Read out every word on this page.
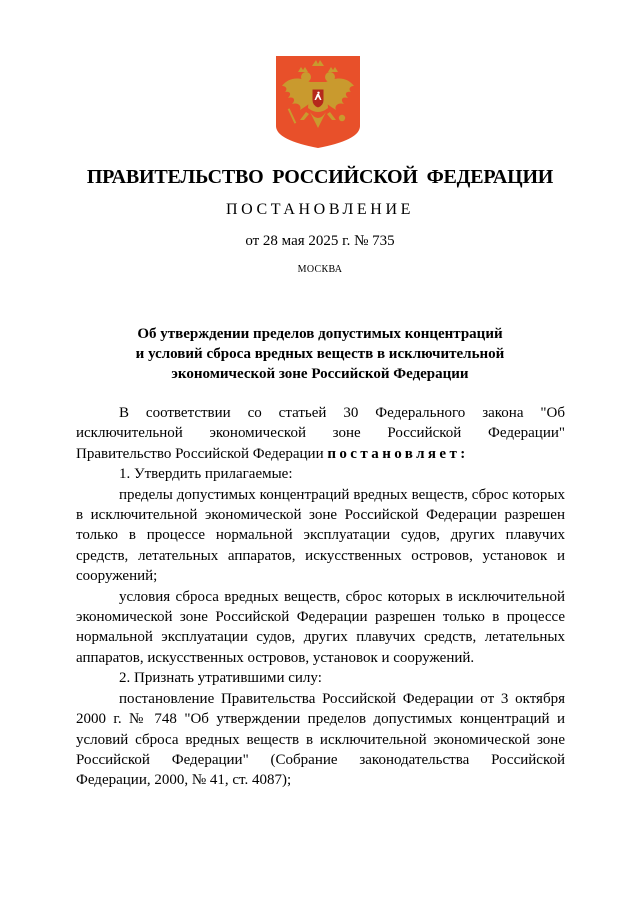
ПРАВИТЕЛЬСТВО РОССИЙСКОЙ ФЕДЕРАЦИИ
ПОСТАНОВЛЕНИЕ
от 28 мая 2025 г. № 735
МОСКВА
Об утверждении пределов допустимых концентраций
и условий сброса вредных веществ в исключительной
экономической зоне Российской Федерации

В соответствии со статьей 30 Федерального закона "Об исключительной экономической зоне Российской Федерации" Правительство Российской Федерации постановляет:

1. Утвердить прилагаемые:

пределы допустимых концентраций вредных веществ, сброс которых в исключительной экономической зоне Российской Федерации разрешен только в процессе нормальной эксплуатации судов, других плавучих средств, летательных аппаратов, искусственных островов, установок и сооружений;

условия сброса вредных веществ, сброс которых в исключительной экономической зоне Российской Федерации разрешен только в процессе нормальной эксплуатации судов, других плавучих средств, летательных аппаратов, искусственных островов, установок и сооружений.

2. Признать утратившими силу:

постановление Правительства Российской Федерации от 3 октября 2000 г. № 748 "Об утверждении пределов допустимых концентраций и условий сброса вредных веществ в исключительной экономической зоне Российской Федерации" (Собрание законодательства Российской Федерации, 2000, № 41, ст. 4087);
